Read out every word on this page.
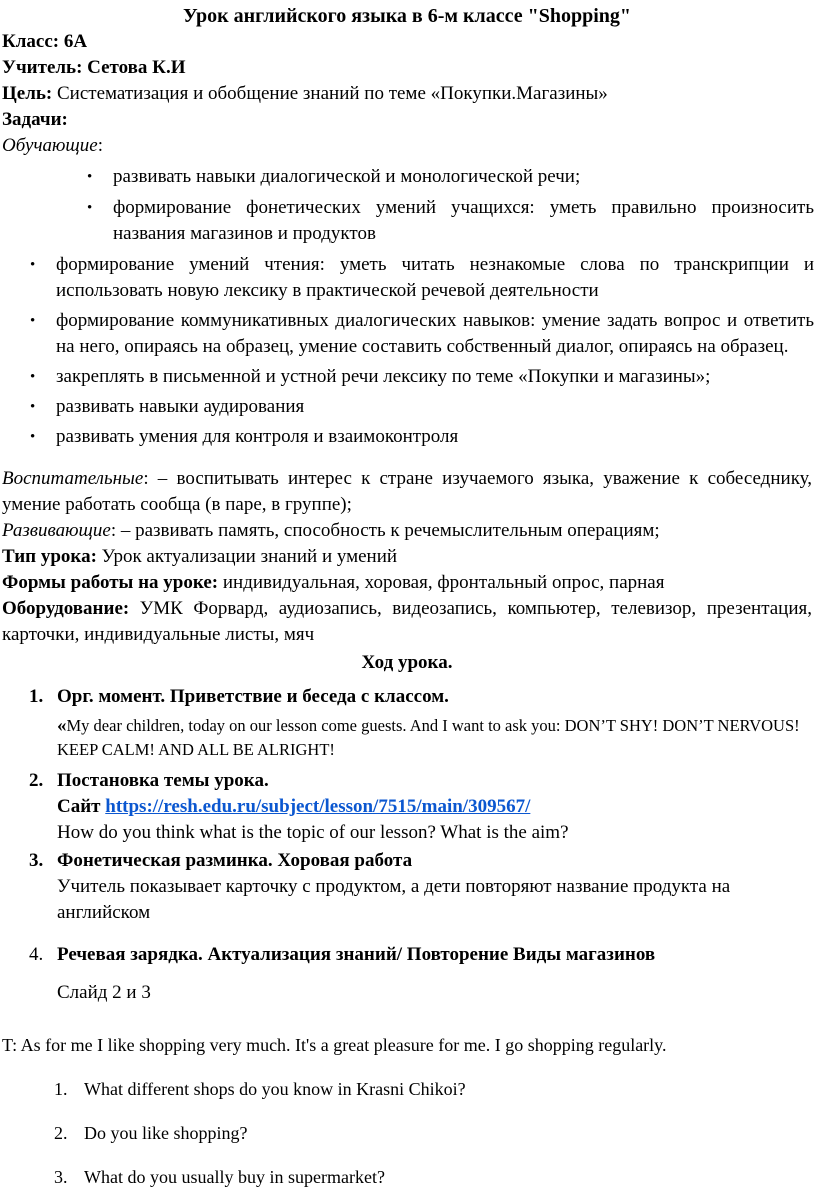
Урок английского языка в 6-м классе "Shopping"
Класс: 6А
Учитель: Сетова К.И
Цель: Систематизация и обобщение знаний по теме «Покупки.Магазины»
Задачи:
Обучающие:
• развивать навыки диалогической и монологической речи;
• формирование фонетических умений учащихся: уметь правильно произносить названия магазинов и продуктов
• формирование умений чтения: уметь читать незнакомые слова по транскрипции и использовать новую лексику в практической речевой деятельности
• формирование коммуникативных диалогических навыков: умение задать вопрос и ответить на него, опираясь на образец, умение составить собственный диалог, опираясь на образец.
• закреплять в письменной и устной речи лексику по теме «Покупки и магазины»;
• развивать навыки аудирования
• развивать умения для контроля и взаимоконтроля
Воспитательные: – воспитывать интерес к стране изучаемого языка, уважение к собеседнику, умение работать сообща (в паре, в группе);
Развивающие: – развивать память, способность к речемыслительным операциям;
Тип урока: Урок актуализации знаний и умений
Формы работы на уроке: индивидуальная, хоровая, фронтальный опрос, парная
Оборудование: УМК Форвард, аудиозапись, видеозапись, компьютер, телевизор, презентация, карточки, индивидуальные листы, мяч
Ход урока.
1. Орг. момент. Приветствие и беседа с классом.
«My dear children, today on our lesson come guests. And I want to ask you: DON’T SHY! DON’T NERVOUS! KEEP CALM! AND ALL BE ALRIGHT!
2. Постановка темы урока.
Сайт https://resh.edu.ru/subject/lesson/7515/main/309567/
How do you think what is the topic of our lesson? What is the aim?
3. Фонетическая разминка. Хоровая работа
Учитель показывает карточку с продуктом, а дети повторяют название продукта на английском
4. Речевая зарядка. Актуализация знаний/ Повторение Виды магазинов
Слайд 2 и 3
T: As for me I like shopping very much. It's a great pleasure for me. I go shopping regularly.
1. What different shops do you know in Krasni Chikoi?
2. Do you like shopping?
3. What do you usually buy in supermarket?
